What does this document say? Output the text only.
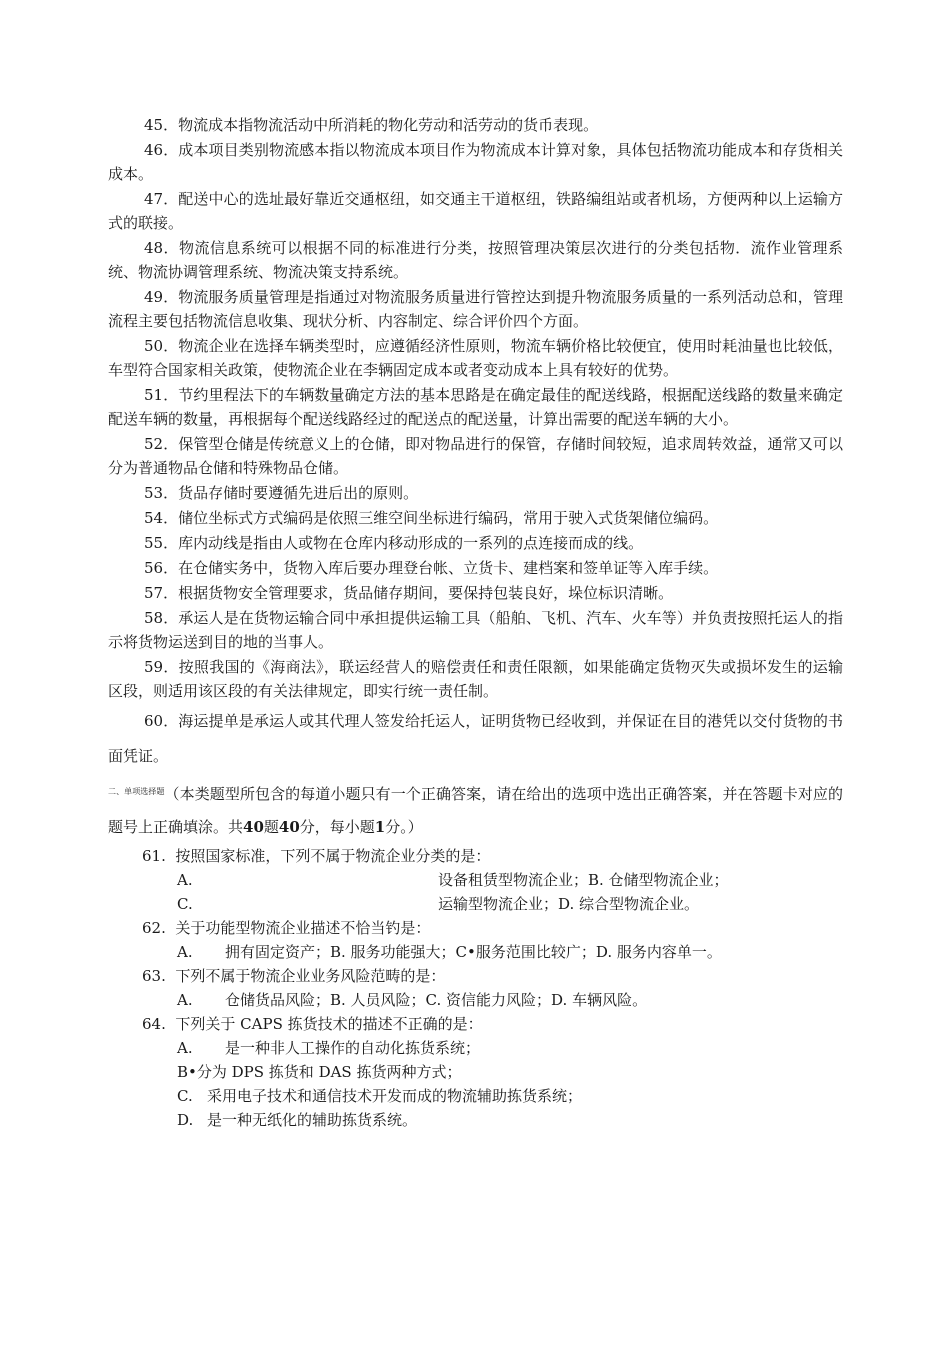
45．物流成本指物流活动中所消耗的物化劳动和活劳动的货币表现。

46．成本项目类别物流感本指以物流成本项目作为物流成本计算对象，具体包括物流功能成本和存货相关成本。

47．配送中心的选址最好靠近交通枢纽，如交通主干道枢纽，铁路编组站或者机场，方便两种以上运输方式的联接。

48．物流信息系统可以根据不同的标准进行分类，按照管理决策层次进行的分类包括物．流作业管理系统、物流协调管理系统、物流决策支持系统。

49．物流服务质量管理是指通过对物流服务质量进行管控达到提升物流服务质量的一系列活动总和，管理流程主要包括物流信息收集、现状分析、内容制定、综合评价四个方面。

50．物流企业在选择车辆类型时，应遵循经济性原则，物流车辆价格比较便宜，使用时耗油量也比较低，车型符合国家相关政策，使物流企业在李辆固定成本或者变动成本上具有较好的优势。

51．节约里程法下的车辆数量确定方法的基本思路是在确定最佳的配送线路，根据配送线路的数量来确定配送车辆的数量，再根据每个配送线路经过的配送点的配送量，计算出需要的配送车辆的大小。

52．保管型仓储是传统意义上的仓储，即对物品进行的保管，存储时间较短，追求周转效益，通常又可以分为普通物品仓储和特殊物品仓储。

53．货品存储时要遵循先进后出的原则。

54．储位坐标式方式编码是依照三维空间坐标进行编码，常用于驶入式货架储位编码。

55．库内动线是指由人或物在仓库内移动形成的一系列的点连接而成的线。

56．在仓储实务中，货物入库后要办理登台帐、立货卡、建档案和签单证等入库手续。

57．根据货物安全管理要求，货品储存期间，要保持包装良好，垛位标识清晰。

58．承运人是在货物运输合同中承担提供运输工具（船舶、飞机、汽车、火车等）并负责按照托运人的指示将货物运送到目的地的当事人。

59．按照我国的《海商法》，联运经营人的赔偿责任和责任限额，如果能确定货物灭失或损坏发生的运输区段，则适用该区段的有关法律规定，即实行统一责任制。

60．海运提单是承运人或其代理人签发给托运人，证明货物已经收到，并保证在目的港凭以交付货物的书面凭证。

$^{二、单项选择题}$（本类题型所包含的每道小题只有一个正确答案，请在给出的选项中选出正确答案，并在答题卡对应的题号上正确填涂。共40题40分，每小题1分。）

61. 按照国家标准，下列不属于物流企业分类的是：

A.	设备租赁型物流企业；B. 仓储型物流企业；

C.	运输型物流企业；D. 综合型物流企业。

62. 关于功能型物流企业描述不恰当钓是：

A. 拥有固定资产；B. 服务功能强大；C•服务范围比较广；D. 服务内容单一。

63. 下列不属于物流企业业务风险范畴的是：

A. 仓储货品风险；B. 人员风险；C. 资信能力风险；D. 车辆风险。

64. 下列关于 CAPS 拣货技术的描述不正确的是：

A. 是一种非人工操作的自动化拣货系统；

B•分为 DPS 拣货和 DAS 拣货两种方式；

C. 采用电子技术和通信技术开发而成的物流辅助拣货系统；

D. 是一种无纸化的辅助拣货系统。
